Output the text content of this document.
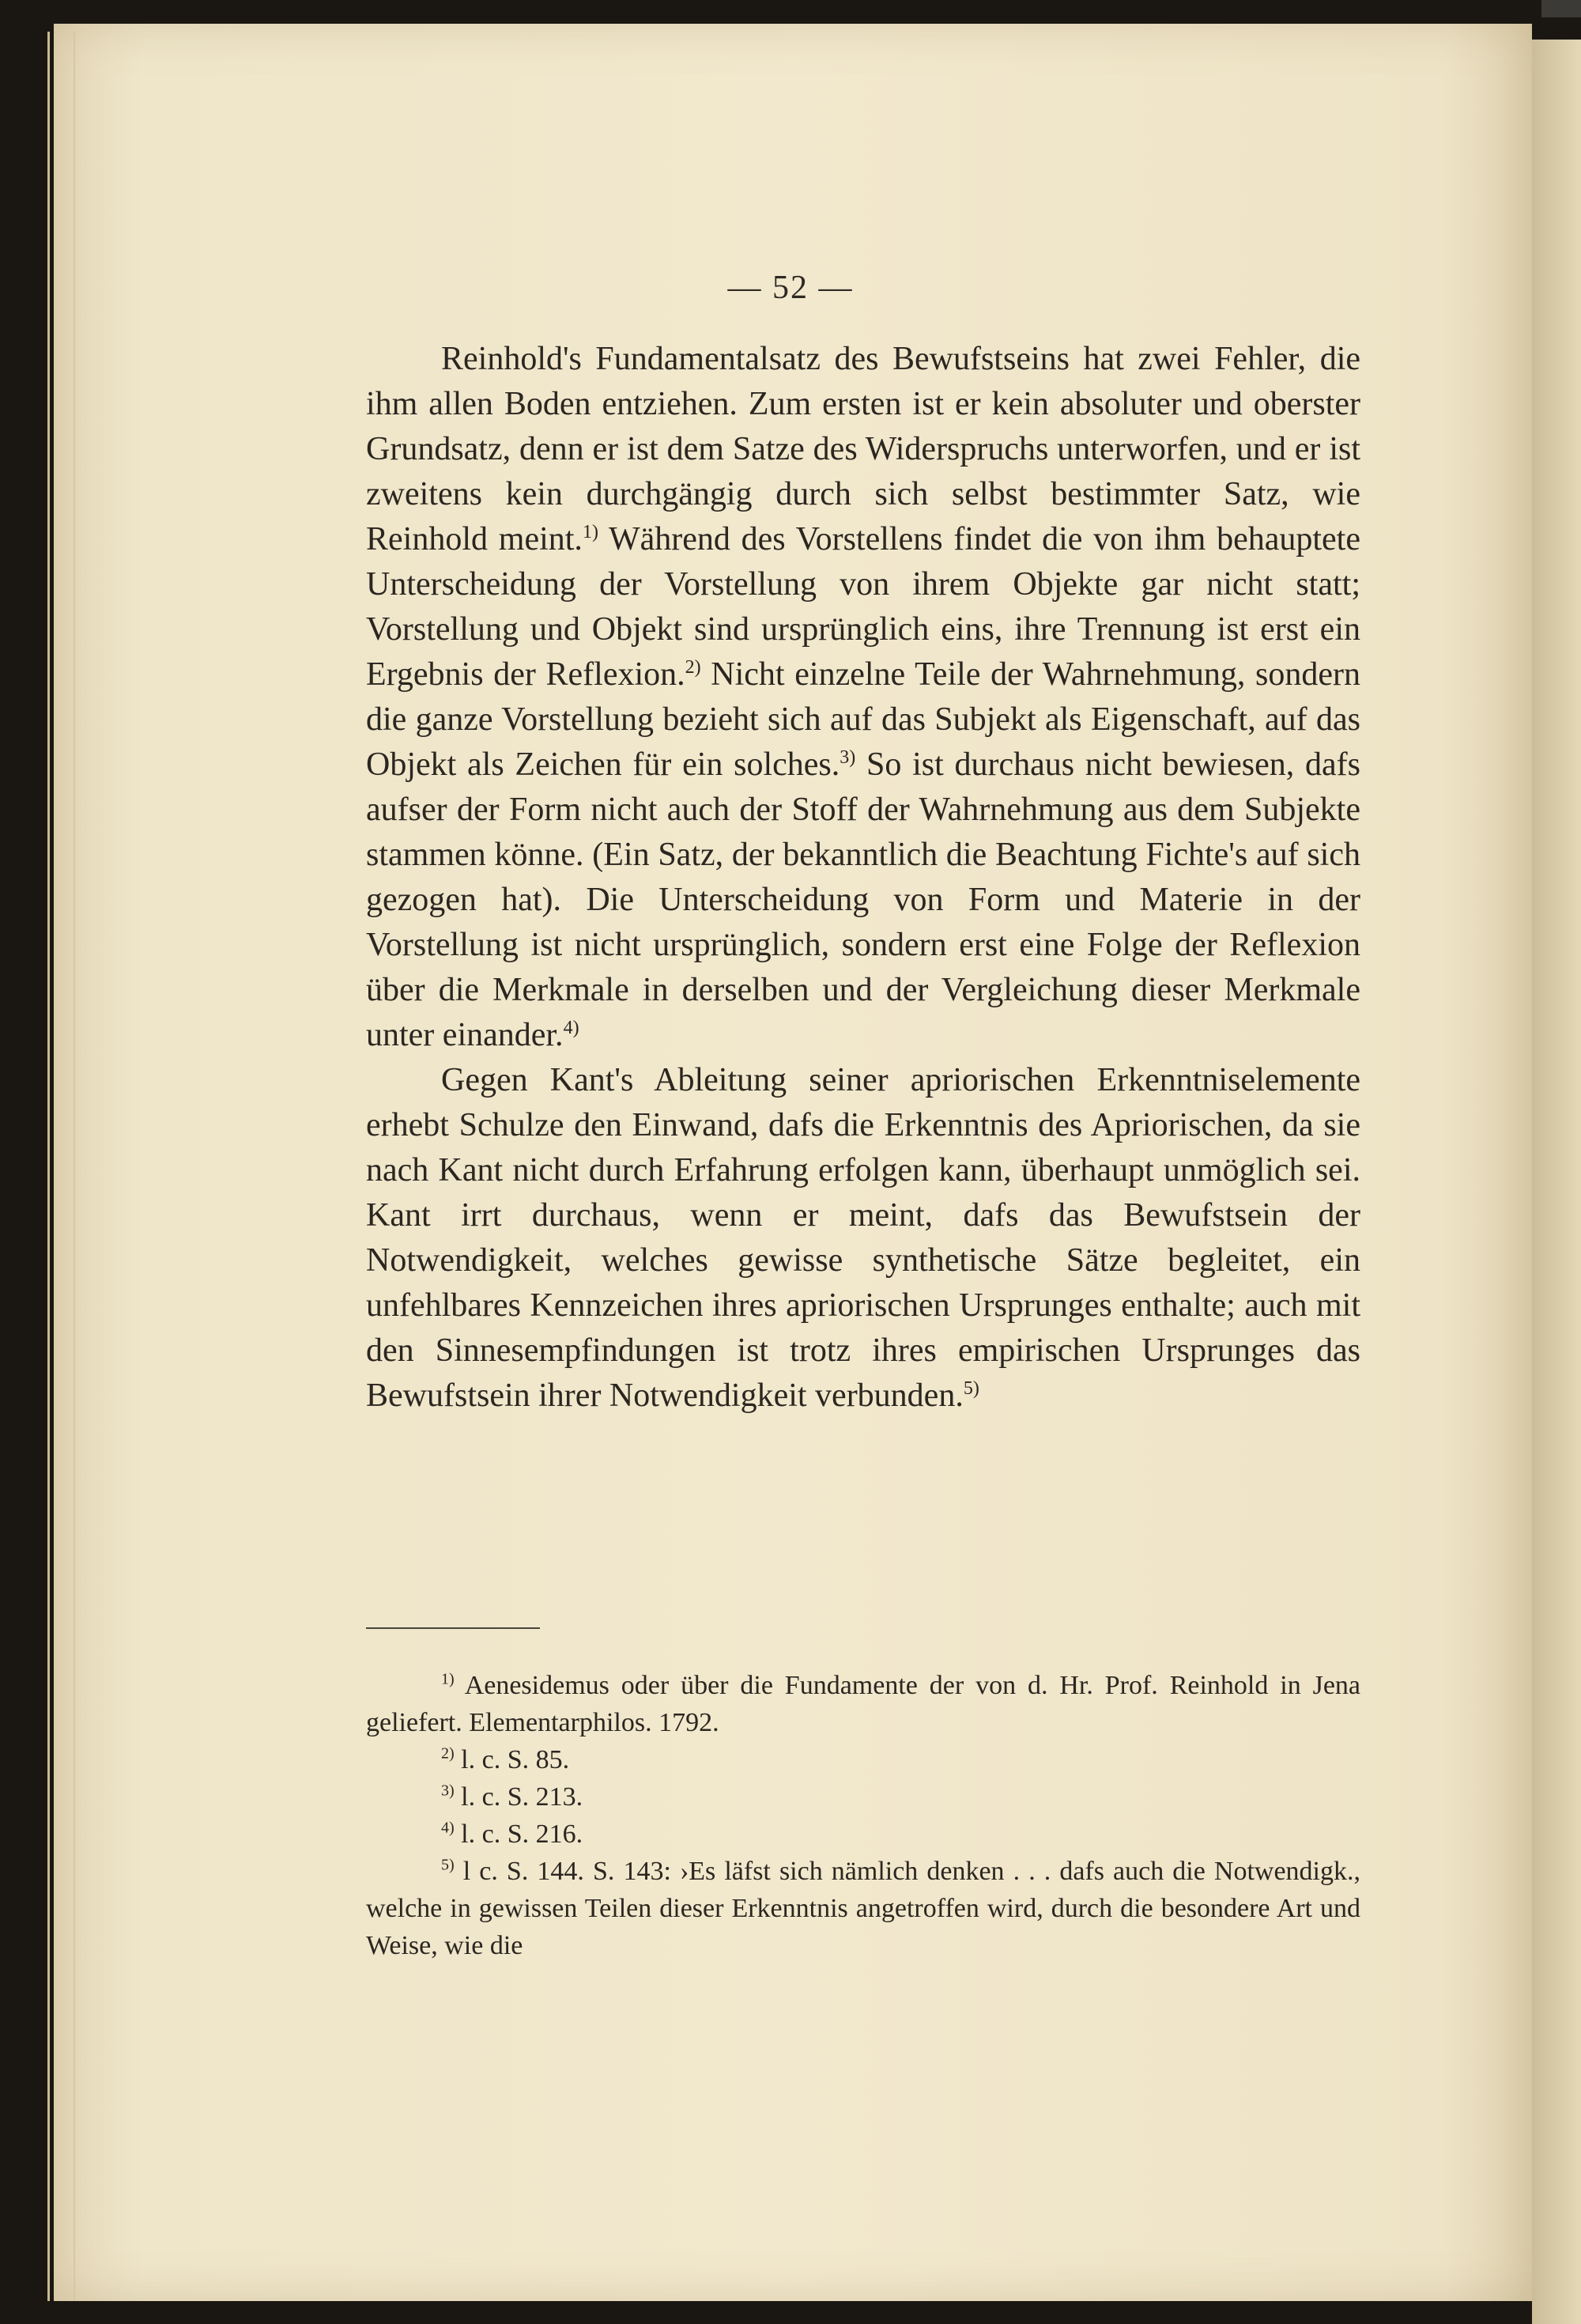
— 52 —

Reinhold's Fundamentalsatz des Bewufstseins hat zwei Fehler, die ihm allen Boden entziehen. Zum ersten ist er kein absoluter und oberster Grundsatz, denn er ist dem Satze des Widerspruchs unterworfen, und er ist zweitens kein durchgängig durch sich selbst bestimmter Satz, wie Reinhold meint.$^{1)}$ Während des Vorstellens findet die von ihm behauptete Unterscheidung der Vorstellung von ihrem Objekte gar nicht statt; Vorstellung und Objekt sind ursprünglich eins, ihre Trennung ist erst ein Ergebnis der Reflexion.$^{2)}$ Nicht einzelne Teile der Wahrnehmung, sondern die ganze Vorstellung bezieht sich auf das Subjekt als Eigenschaft, auf das Objekt als Zeichen für ein solches.$^{3)}$ So ist durchaus nicht bewiesen, dafs aufser der Form nicht auch der Stoff der Wahrnehmung aus dem Subjekte stammen könne. (Ein Satz, der bekanntlich die Beachtung Fichte's auf sich gezogen hat). Die Unterscheidung von Form und Materie in der Vorstellung ist nicht ursprünglich, sondern erst eine Folge der Reflexion über die Merkmale in derselben und der Vergleichung dieser Merkmale unter einander.$^{4)}$

Gegen Kant's Ableitung seiner apriorischen Erkenntniselemente erhebt Schulze den Einwand, dafs die Erkenntnis des Apriorischen, da sie nach Kant nicht durch Erfahrung erfolgen kann, überhaupt unmöglich sei. Kant irrt durchaus, wenn er meint, dafs das Bewufstsein der Notwendigkeit, welches gewisse synthetische Sätze begleitet, ein unfehlbares Kennzeichen ihres apriorischen Ursprunges enthalte; auch mit den Sinnesempfindungen ist trotz ihres empirischen Ursprunges das Bewufstsein ihrer Notwendigkeit verbunden.$^{5)}$

$^{1)}$ Aenesidemus oder über die Fundamente der von d. Hr. Prof. Reinhold in Jena geliefert. Elementarphilos. 1792.

$^{2)}$ l. c. S. 85.

$^{3)}$ l. c. S. 213.

$^{4)}$ l. c. S. 216.

$^{5)}$ l c. S. 144. S. 143: ›Es läfst sich nämlich denken . . . dafs auch die Notwendigk., welche in gewissen Teilen dieser Erkenntnis angetroffen wird, durch die besondere Art und Weise, wie die
